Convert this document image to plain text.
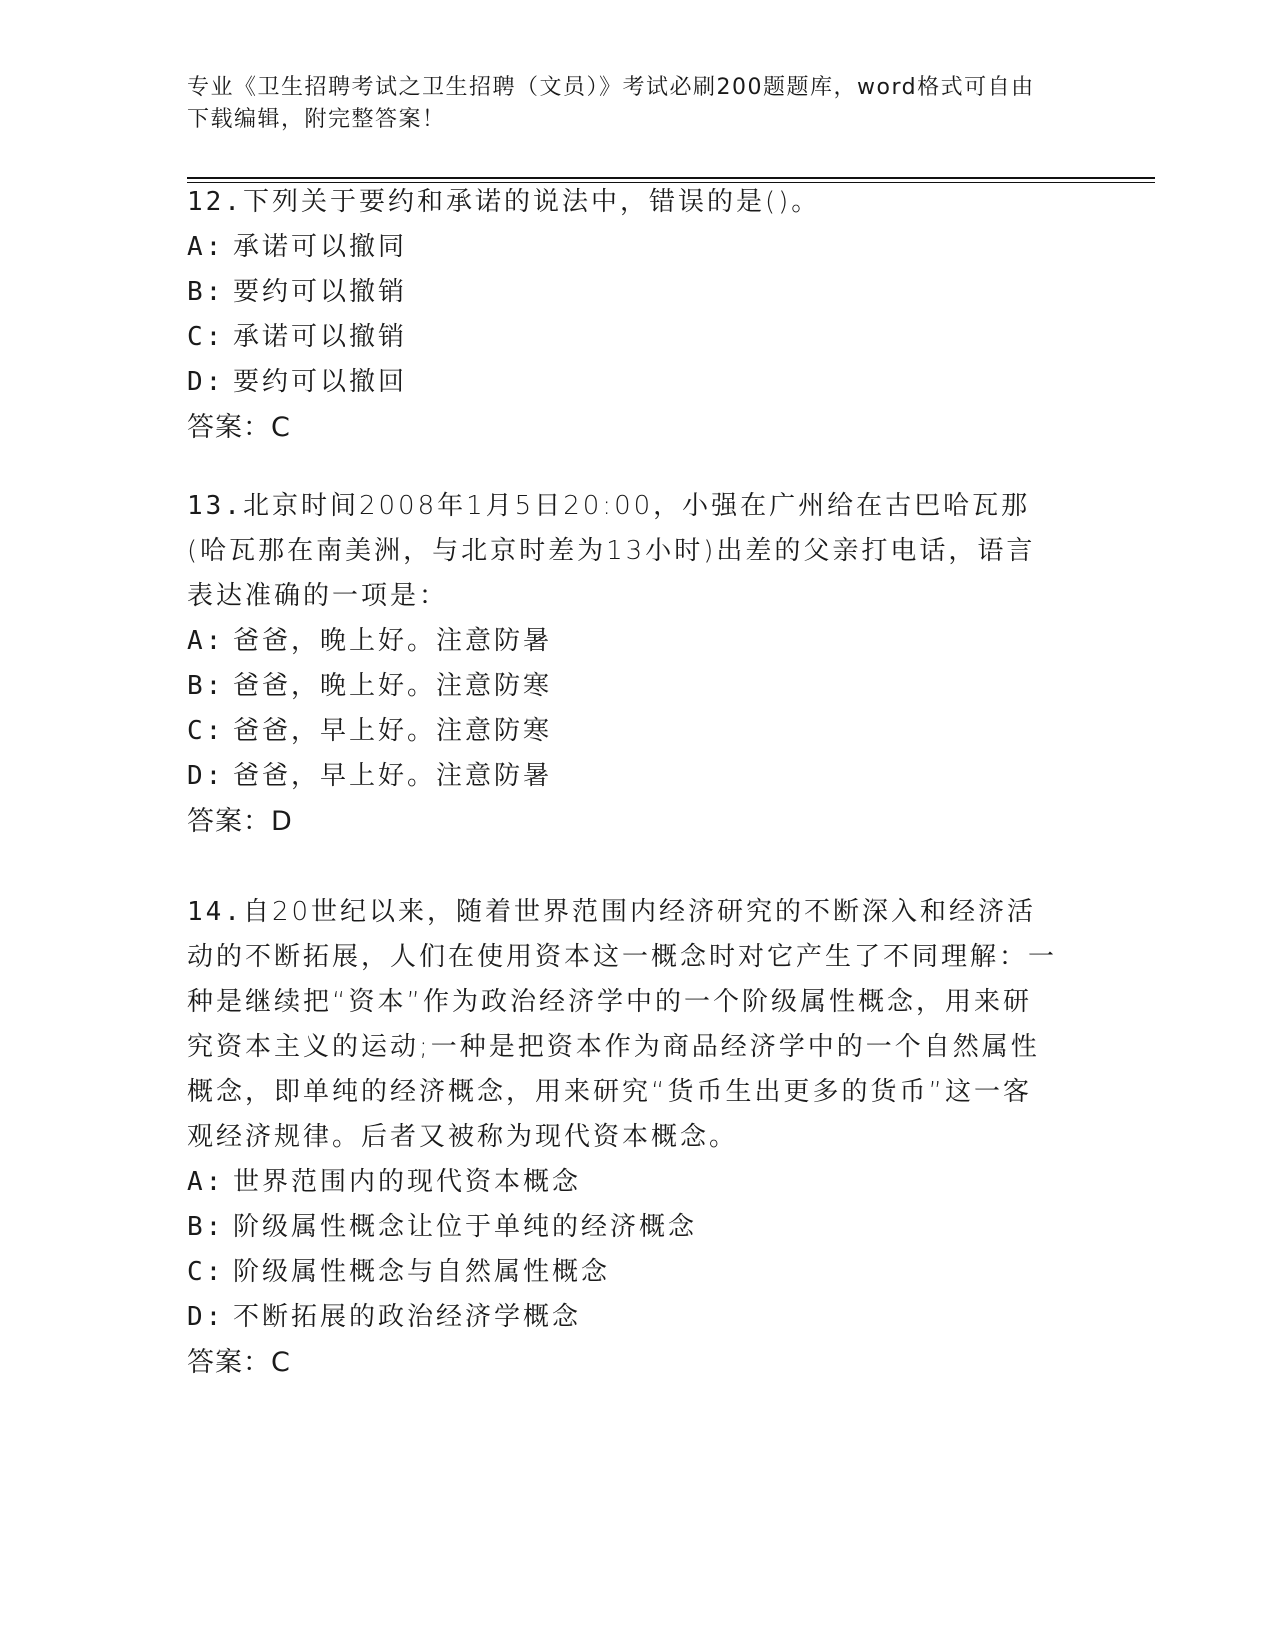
专业《卫生招聘考试之卫生招聘（文员）》考试必刷200题题库，word格式可自由下载编辑，附完整答案！
12.下列关于要约和承诺的说法中，错误的是()。
A: 承诺可以撤同
B: 要约可以撤销
C: 承诺可以撤销
D: 要约可以撤回
答案：C
13.北京时间2008年1月5日20:00，小强在广州给在古巴哈瓦那(哈瓦那在南美洲，与北京时差为13小时)出差的父亲打电话，语言表达准确的一项是：
A: 爸爸，晚上好。注意防暑
B: 爸爸，晚上好。注意防寒
C: 爸爸，早上好。注意防寒
D: 爸爸，早上好。注意防暑
答案：D
14.自20世纪以来，随着世界范围内经济研究的不断深入和经济活动的不断拓展，人们在使用资本这一概念时对它产生了不同理解：一种是继续把“资本”作为政治经济学中的一个阶级属性概念，用来研究资本主义的运动;一种是把资本作为商品经济学中的一个自然属性概念，即单纯的经济概念，用来研究“货币生出更多的货币”这一客观经济规律。后者又被称为现代资本概念。
A: 世界范围内的现代资本概念
B: 阶级属性概念让位于单纯的经济概念
C: 阶级属性概念与自然属性概念
D: 不断拓展的政治经济学概念
答案：C
